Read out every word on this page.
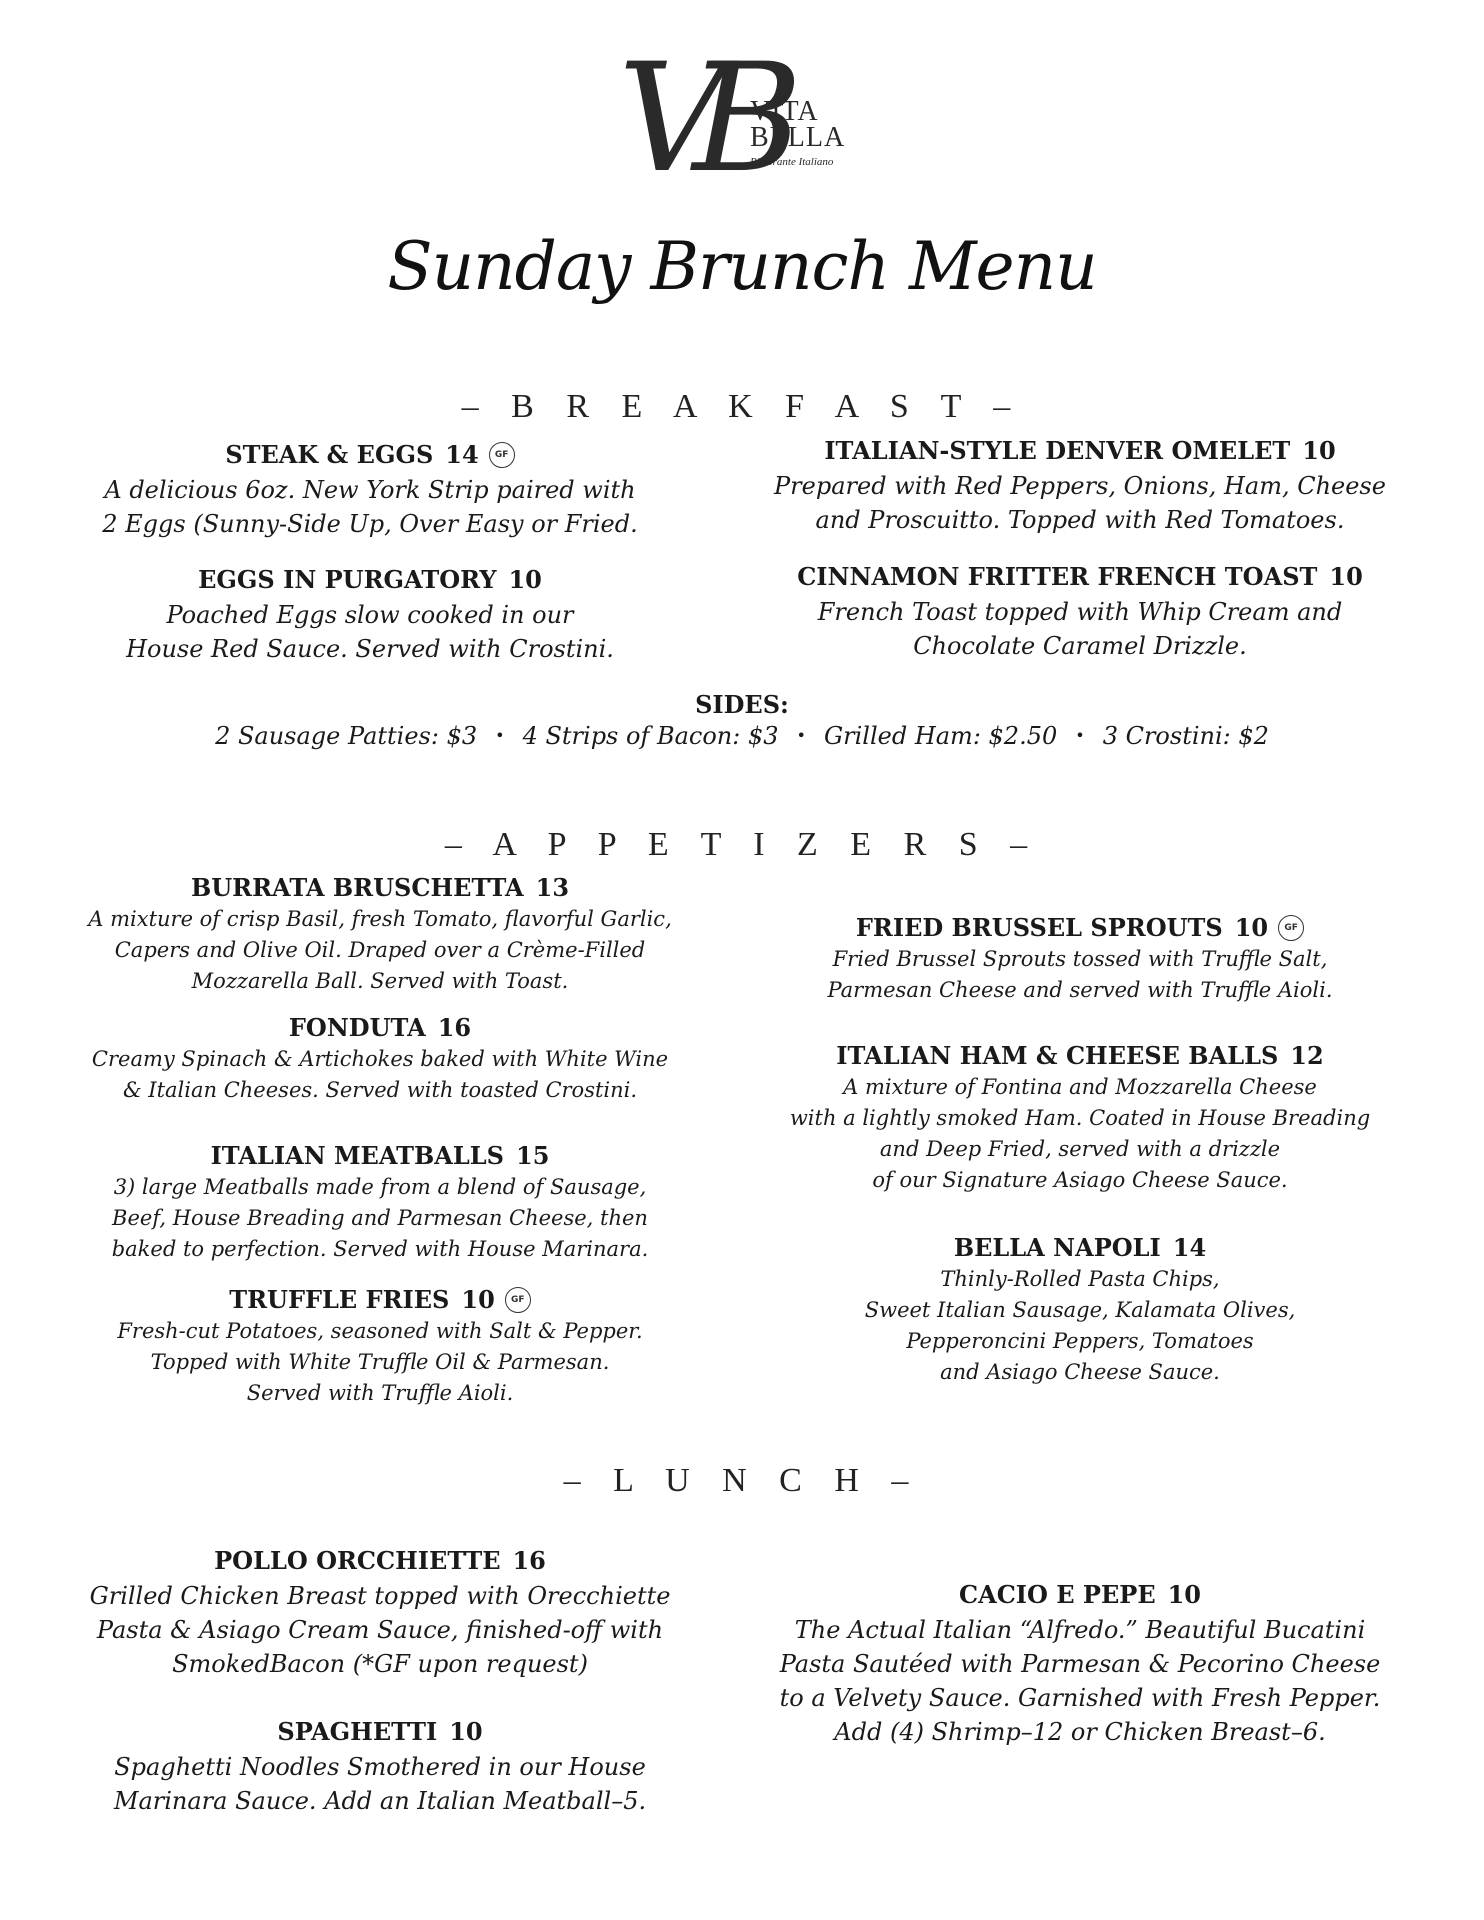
VB
VITA
BELLA
Ristorante Italiano
Sunday Brunch Menu
– B R E A K F A S T –
STEAK & EGGS 14 GF
A delicious 6oz. New York Strip paired with
2 Eggs (Sunny-Side Up, Over Easy or Fried.
EGGS IN PURGATORY 10
Poached Eggs slow cooked in our
House Red Sauce. Served with Crostini.
ITALIAN-STYLE DENVER OMELET 10
Prepared with Red Peppers, Onions, Ham, Cheese
and Proscuitto. Topped with Red Tomatoes.
CINNAMON FRITTER FRENCH TOAST 10
French Toast topped with Whip Cream and
Chocolate Caramel Drizzle.
SIDES:
2 Sausage Patties: $3 • 4 Strips of Bacon: $3 • Grilled Ham: $2.50 • 3 Crostini: $2
– A P P E T I Z E R S –
BURRATA BRUSCHETTA 13
A mixture of crisp Basil, fresh Tomato, flavorful Garlic,
Capers and Olive Oil. Draped over a Crème-Filled
Mozzarella Ball. Served with Toast.
FONDUTA 16
Creamy Spinach & Artichokes baked with White Wine
& Italian Cheeses. Served with toasted Crostini.
ITALIAN MEATBALLS 15
3) large Meatballs made from a blend of Sausage,
Beef, House Breading and Parmesan Cheese, then
baked to perfection. Served with House Marinara.
TRUFFLE FRIES 10 GF
Fresh-cut Potatoes, seasoned with Salt & Pepper.
Topped with White Truffle Oil & Parmesan.
Served with Truffle Aioli.
FRIED BRUSSEL SPROUTS 10 GF
Fried Brussel Sprouts tossed with Truffle Salt,
Parmesan Cheese and served with Truffle Aioli.
ITALIAN HAM & CHEESE BALLS 12
A mixture of Fontina and Mozzarella Cheese
with a lightly smoked Ham. Coated in House Breading
and Deep Fried, served with a drizzle
of our Signature Asiago Cheese Sauce.
BELLA NAPOLI 14
Thinly-Rolled Pasta Chips,
Sweet Italian Sausage, Kalamata Olives,
Pepperoncini Peppers, Tomatoes
and Asiago Cheese Sauce.
– L U N C H –
POLLO ORCCHIETTE 16
Grilled Chicken Breast topped with Orecchiette
Pasta & Asiago Cream Sauce, finished-off with
SmokedBacon (*GF upon request)
SPAGHETTI 10
Spaghetti Noodles Smothered in our House
Marinara Sauce. Add an Italian Meatball–5.
CACIO E PEPE 10
The Actual Italian “Alfredo.” Beautiful Bucatini
Pasta Sautéed with Parmesan & Pecorino Cheese
to a Velvety Sauce. Garnished with Fresh Pepper.
Add (4) Shrimp–12 or Chicken Breast–6.
